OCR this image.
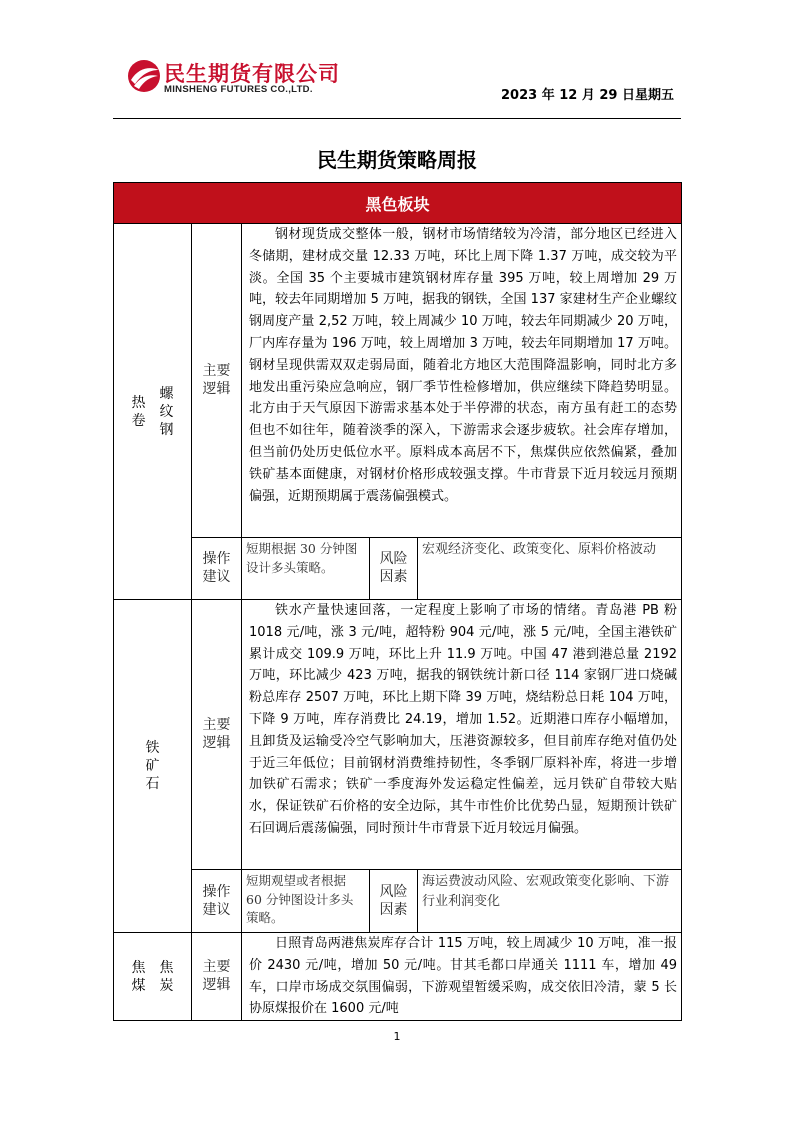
民生期货有限公司
MINSHENG FUTURES CO.,LTD.	2023 年 12 月 29 日星期五
民生期货策略周报
黑色板块				

热卷
螺纹钢	主要逻辑	钢材现货成交整体一般，钢材市场情绪较为冷清，部分地区已经进入冬储期，建材成交量 12.33 万吨，环比上周下降 1.37 万吨，成交较为平淡。全国 35 个主要城市建筑钢材库存量 395 万吨，较上周增加 29 万吨，较去年同期增加 5 万吨，据我的钢铁，全国 137 家建材生产企业螺纹钢周度产量 2,52 万吨，较上周减少 10 万吨，较去年同期减少 20 万吨，厂内库存量为 196 万吨，较上周增加 3 万吨，较去年同期增加 17 万吨。钢材呈现供需双双走弱局面，随着北方地区大范围降温影响，同时北方多地发出重污染应急响应，钢厂季节性检修增加，供应继续下降趋势明显。北方由于天气原因下游需求基本处于半停滞的状态，南方虽有赶工的态势但也不如往年，随着淡季的深入，下游需求会逐步疲软。社会库存增加，但当前仍处历史低位水平。原料成本高居不下，焦煤供应依然偏紧，叠加铁矿基本面健康，对钢材价格形成较强支撑。牛市背景下近月较远月预期偏强，近期预期属于震荡偏强模式。		

	操作建议	短期根据 30 分钟图设计多头策略。	风险因素	宏观经济变化、政策变化、原料价格波动
铁矿石	主要逻辑	铁水产量快速回落，一定程度上影响了市场的情绪。青岛港 PB 粉 1018 元/吨，涨 3 元/吨，超特粉 904 元/吨，涨 5 元/吨，全国主港铁矿累计成交 109.9 万吨，环比上升 11.9 万吨。中国 47 港到港总量 2192 万吨，环比减少 423 万吨，据我的钢铁统计新口径 114 家钢厂进口烧碱粉总库存 2507 万吨，环比上期下降 39 万吨，烧结粉总日耗 104 万吨，下降 9 万吨，库存消费比 24.19，增加 1.52。近期港口库存小幅增加，且卸货及运输受冷空气影响加大，压港资源较多，但目前库存绝对值仍处于近三年低位；目前钢材消费维持韧性，冬季钢厂原料补库，将进一步增加铁矿石需求；铁矿一季度海外发运稳定性偏差，远月铁矿自带较大贴水，保证铁矿石价格的安全边际，其牛市性价比优势凸显，短期预计铁矿石回调后震荡偏强，同时预计牛市背景下近月较远月偏强。		

	操作建议	短期观望或者根据 60 分钟图设计多头策略。	风险因素	海运费波动风险、宏观政策变化影响、下游行业利润变化

焦煤
焦炭	主要逻辑	日照青岛两港焦炭库存合计 115 万吨，较上周减少 10 万吨，准一报价 2430 元/吨，增加 50 元/吨。甘其毛都口岸通关 1111 车，增加 49 车，口岸市场成交氛围偏弱，下游观望暂缓采购，成交依旧冷清，蒙 5 长协原煤报价在 1600 元/吨		

1
